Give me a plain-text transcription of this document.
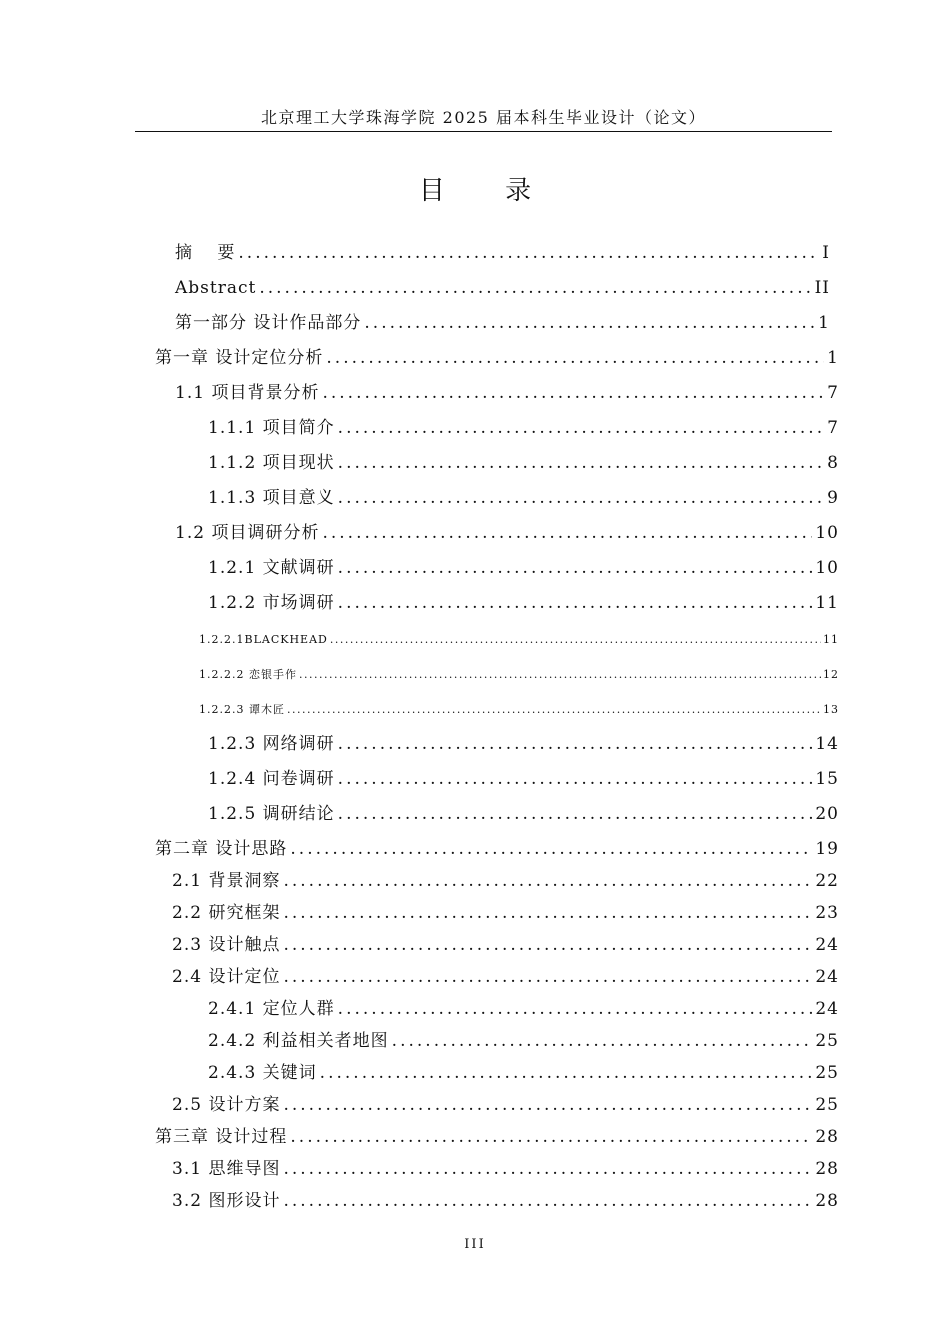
北京理工大学珠海学院 2025 届本科生毕业设计（论文）
目 录
摘　 要 .....	I
Abstract .....	II
第一部分 设计作品部分 .....	1
第一章 设计定位分析 .....	1
1.1 项目背景分析 .....	7
1.1.1 项目简介 .....	7
1.1.2 项目现状 .....	8
1.1.3 项目意义 .....	9
1.2 项目调研分析 .....	10
1.2.1 文献调研 .....	10
1.2.2 市场调研 .....	11
1.2.2.1BLACKHEAD .....	11
1.2.2.2 恋银手作 .....	12
1.2.2.3 谭木匠 .....	13
1.2.3 网络调研 .....	14
1.2.4 问卷调研 .....	15
1.2.5 调研结论 .....	20
第二章 设计思路 .....	19
2.1 背景洞察 .....	22
2.2 研究框架 .....	23
2.3 设计触点 .....	24
2.4 设计定位 .....	24
2.4.1 定位人群 .....	24
2.4.2 利益相关者地图 .....	25
2.4.3 关键词 .....	25
2.5 设计方案 .....	25
第三章 设计过程 .....	28
3.1 思维导图 .....	28
3.2 图形设计 .....	28
III
